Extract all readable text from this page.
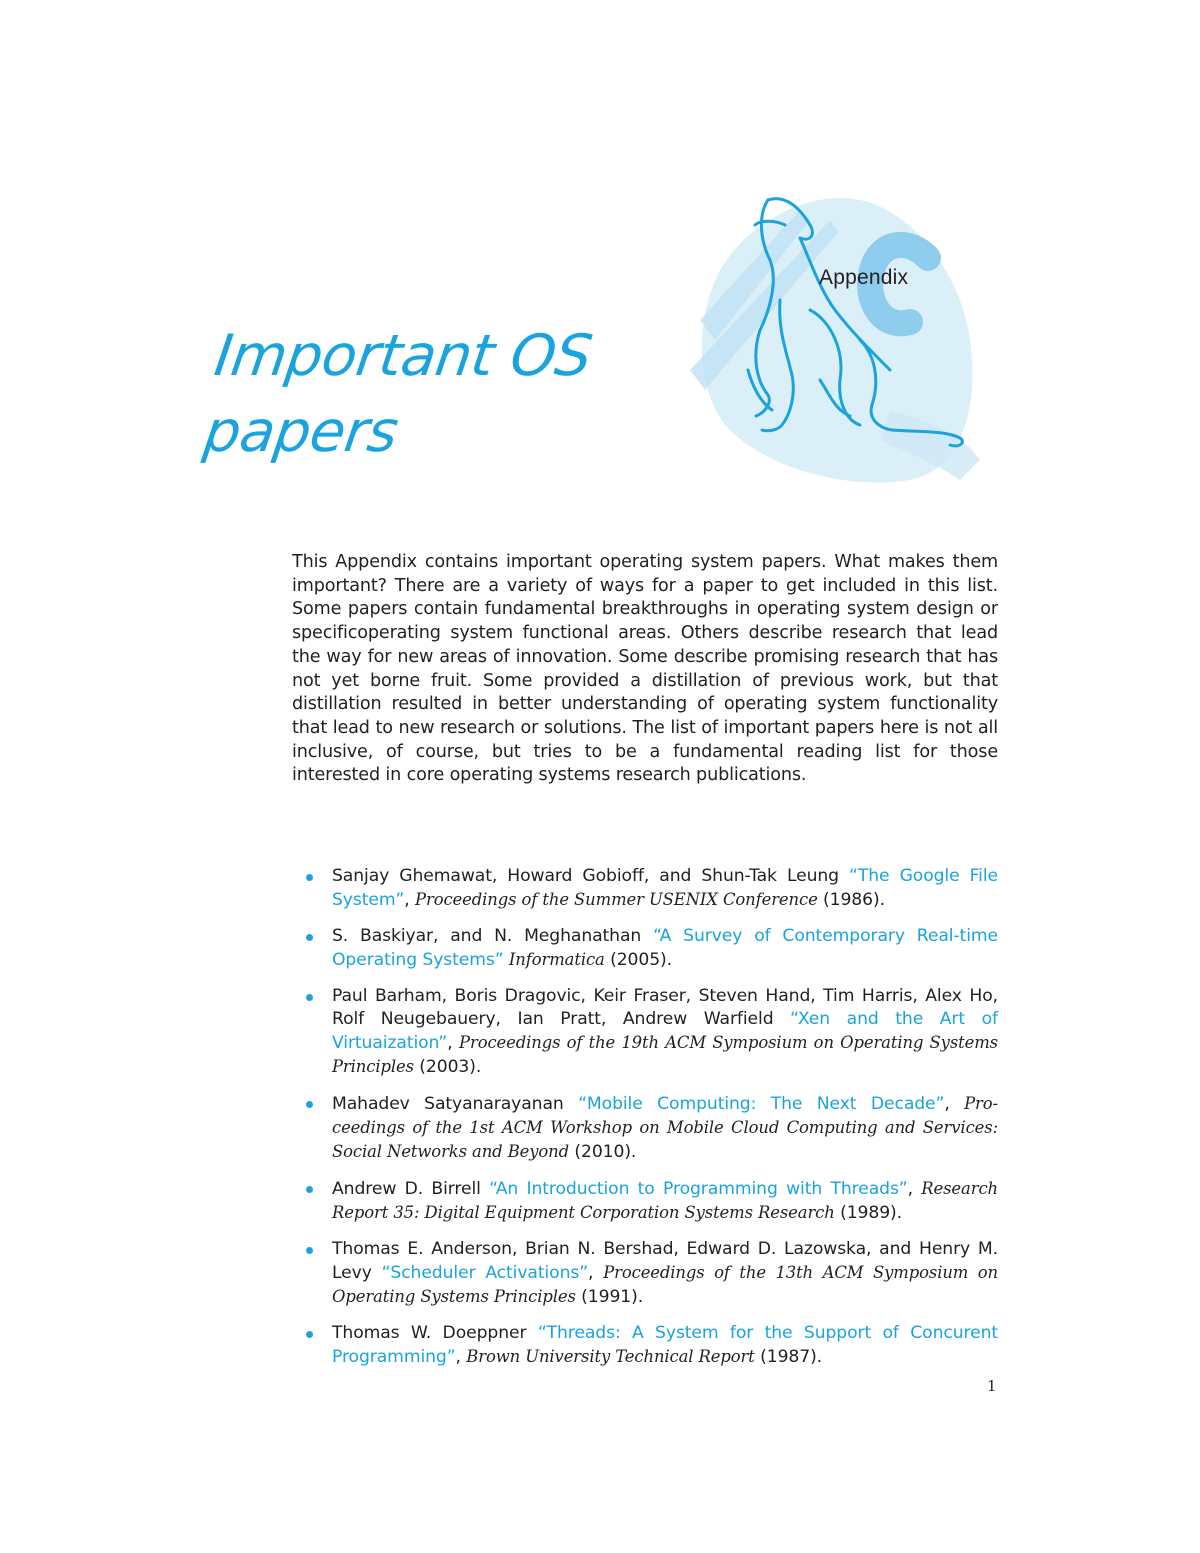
Appendix
Important OS
papers

This Appendix contains important operating system papers. What makes them important? There are a variety of ways for a paper to get included in this list. Some papers contain fundamental breakthroughs in operating system design or specificoperating system functional areas. Others describe research that lead the way for new areas of innovation. Some describe promising research that has not yet borne fruit. Some provided a distillation of previous work, but that distillation resulted in better understanding of operating system functionality that lead to new research or solutions. The list of important papers here is not all inclusive, of course, but tries to be a fundamental reading list for those interested in core operating systems research publications.

Sanjay Ghemawat, Howard Gobioff, and Shun-Tak Leung “The Google File System”, Proceedings of the Summer USENIX Conference (1986).
S. Baskiyar, and N. Meghanathan “A Survey of Contemporary Real-time Operating Systems” Informatica (2005).
Paul Barham, Boris Dragovic, Keir Fraser, Steven Hand, Tim Harris, Alex Ho, Rolf Neugebauery, Ian Pratt, Andrew Warfield “Xen and the Art of Virtuaization”, Proceedings of the 19th ACM Symposium on Operating Systems Principles (2003).
Mahadev Satyanarayanan “Mobile Computing: The Next Decade”, Pro-ceedings of the 1st ACM Workshop on Mobile Cloud Computing and Services: Social Networks and Beyond (2010).
Andrew D. Birrell “An Introduction to Programming with Threads”, Research Report 35: Digital Equipment Corporation Systems Research (1989).
Thomas E. Anderson, Brian N. Bershad, Edward D. Lazowska, and Henry M. Levy “Scheduler Activations”, Proceedings of the 13th ACM Symposium on Operating Systems Principles (1991).
Thomas W. Doeppner “Threads: A System for the Support of Concurent Programming”, Brown University Technical Report (1987).
1
